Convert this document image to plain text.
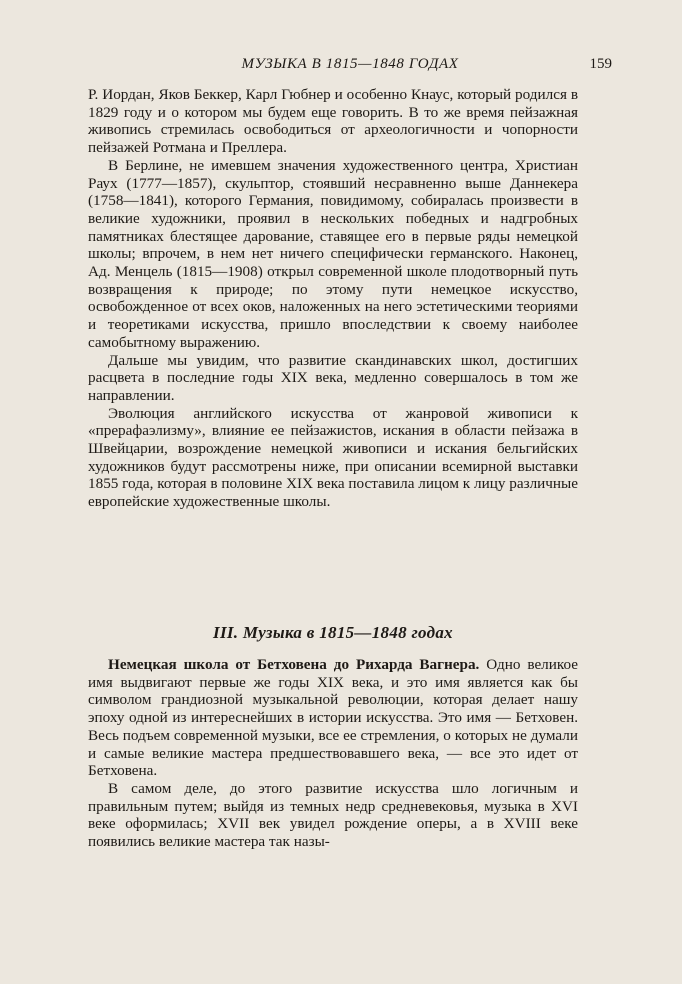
МУЗЫКА В 1815—1848 ГОДАХ	159

Р. Иордан, Яков Беккер, Карл Гюбнер и особенно Кнаус, который родился в 1829 году и о котором мы будем еще говорить. В то же время пейзажная живопись стремилась освободиться от археологичности и чопорности пейзажей Ротмана и Преллера.

В Берлине, не имевшем значения художественного центра, Христиан Раух (1777—1857), скульптор, стоявший несравненно выше Даннекера (1758—1841), которого Германия, повидимому, собиралась произвести в великие художники, проявил в нескольких победных и надгробных памятниках блестящее дарование, ставящее его в первые ряды немецкой школы; впрочем, в нем нет ничего специфически германского. Наконец, Ад. Менцель (1815—1908) открыл современной школе плодотворный путь возвращения к природе; по этому пути немецкое искусство, освобожденное от всех оков, наложенных на него эстетическими теориями и теоретиками искусства, пришло впоследствии к своему наиболее самобытному выражению.

Дальше мы увидим, что развитие скандинавских школ, достигших расцвета в последние годы XIX века, медленно совершалось в том же направлении.

Эволюция английского искусства от жанровой живописи к «прерафаэлизму», влияние ее пейзажистов, искания в области пейзажа в Швейцарии, возрождение немецкой живописи и искания бельгийских художников будут рассмотрены ниже, при описании всемирной выставки 1855 года, которая в половине XIX века поставила лицом к лицу различные европейские художественные школы.

III. Музыка в 1815—1848 годах

Немецкая школа от Бетховена до Рихарда Вагнера. Одно великое имя выдвигают первые же годы XIX века, и это имя является как бы символом грандиозной музыкальной революции, которая делает нашу эпоху одной из интереснейших в истории искусства. Это имя — Бетховен. Весь подъем современной музыки, все ее стремления, о которых не думали и самые великие мастера предшествовавшего века, — все это идет от Бетховена.

В самом деле, до этого развитие искусства шло логичным и правильным путем; выйдя из темных недр средневековья, музыка в XVI веке оформилась; XVII век увидел рождение оперы, а в XVIII веке появились великие мастера так назы-
